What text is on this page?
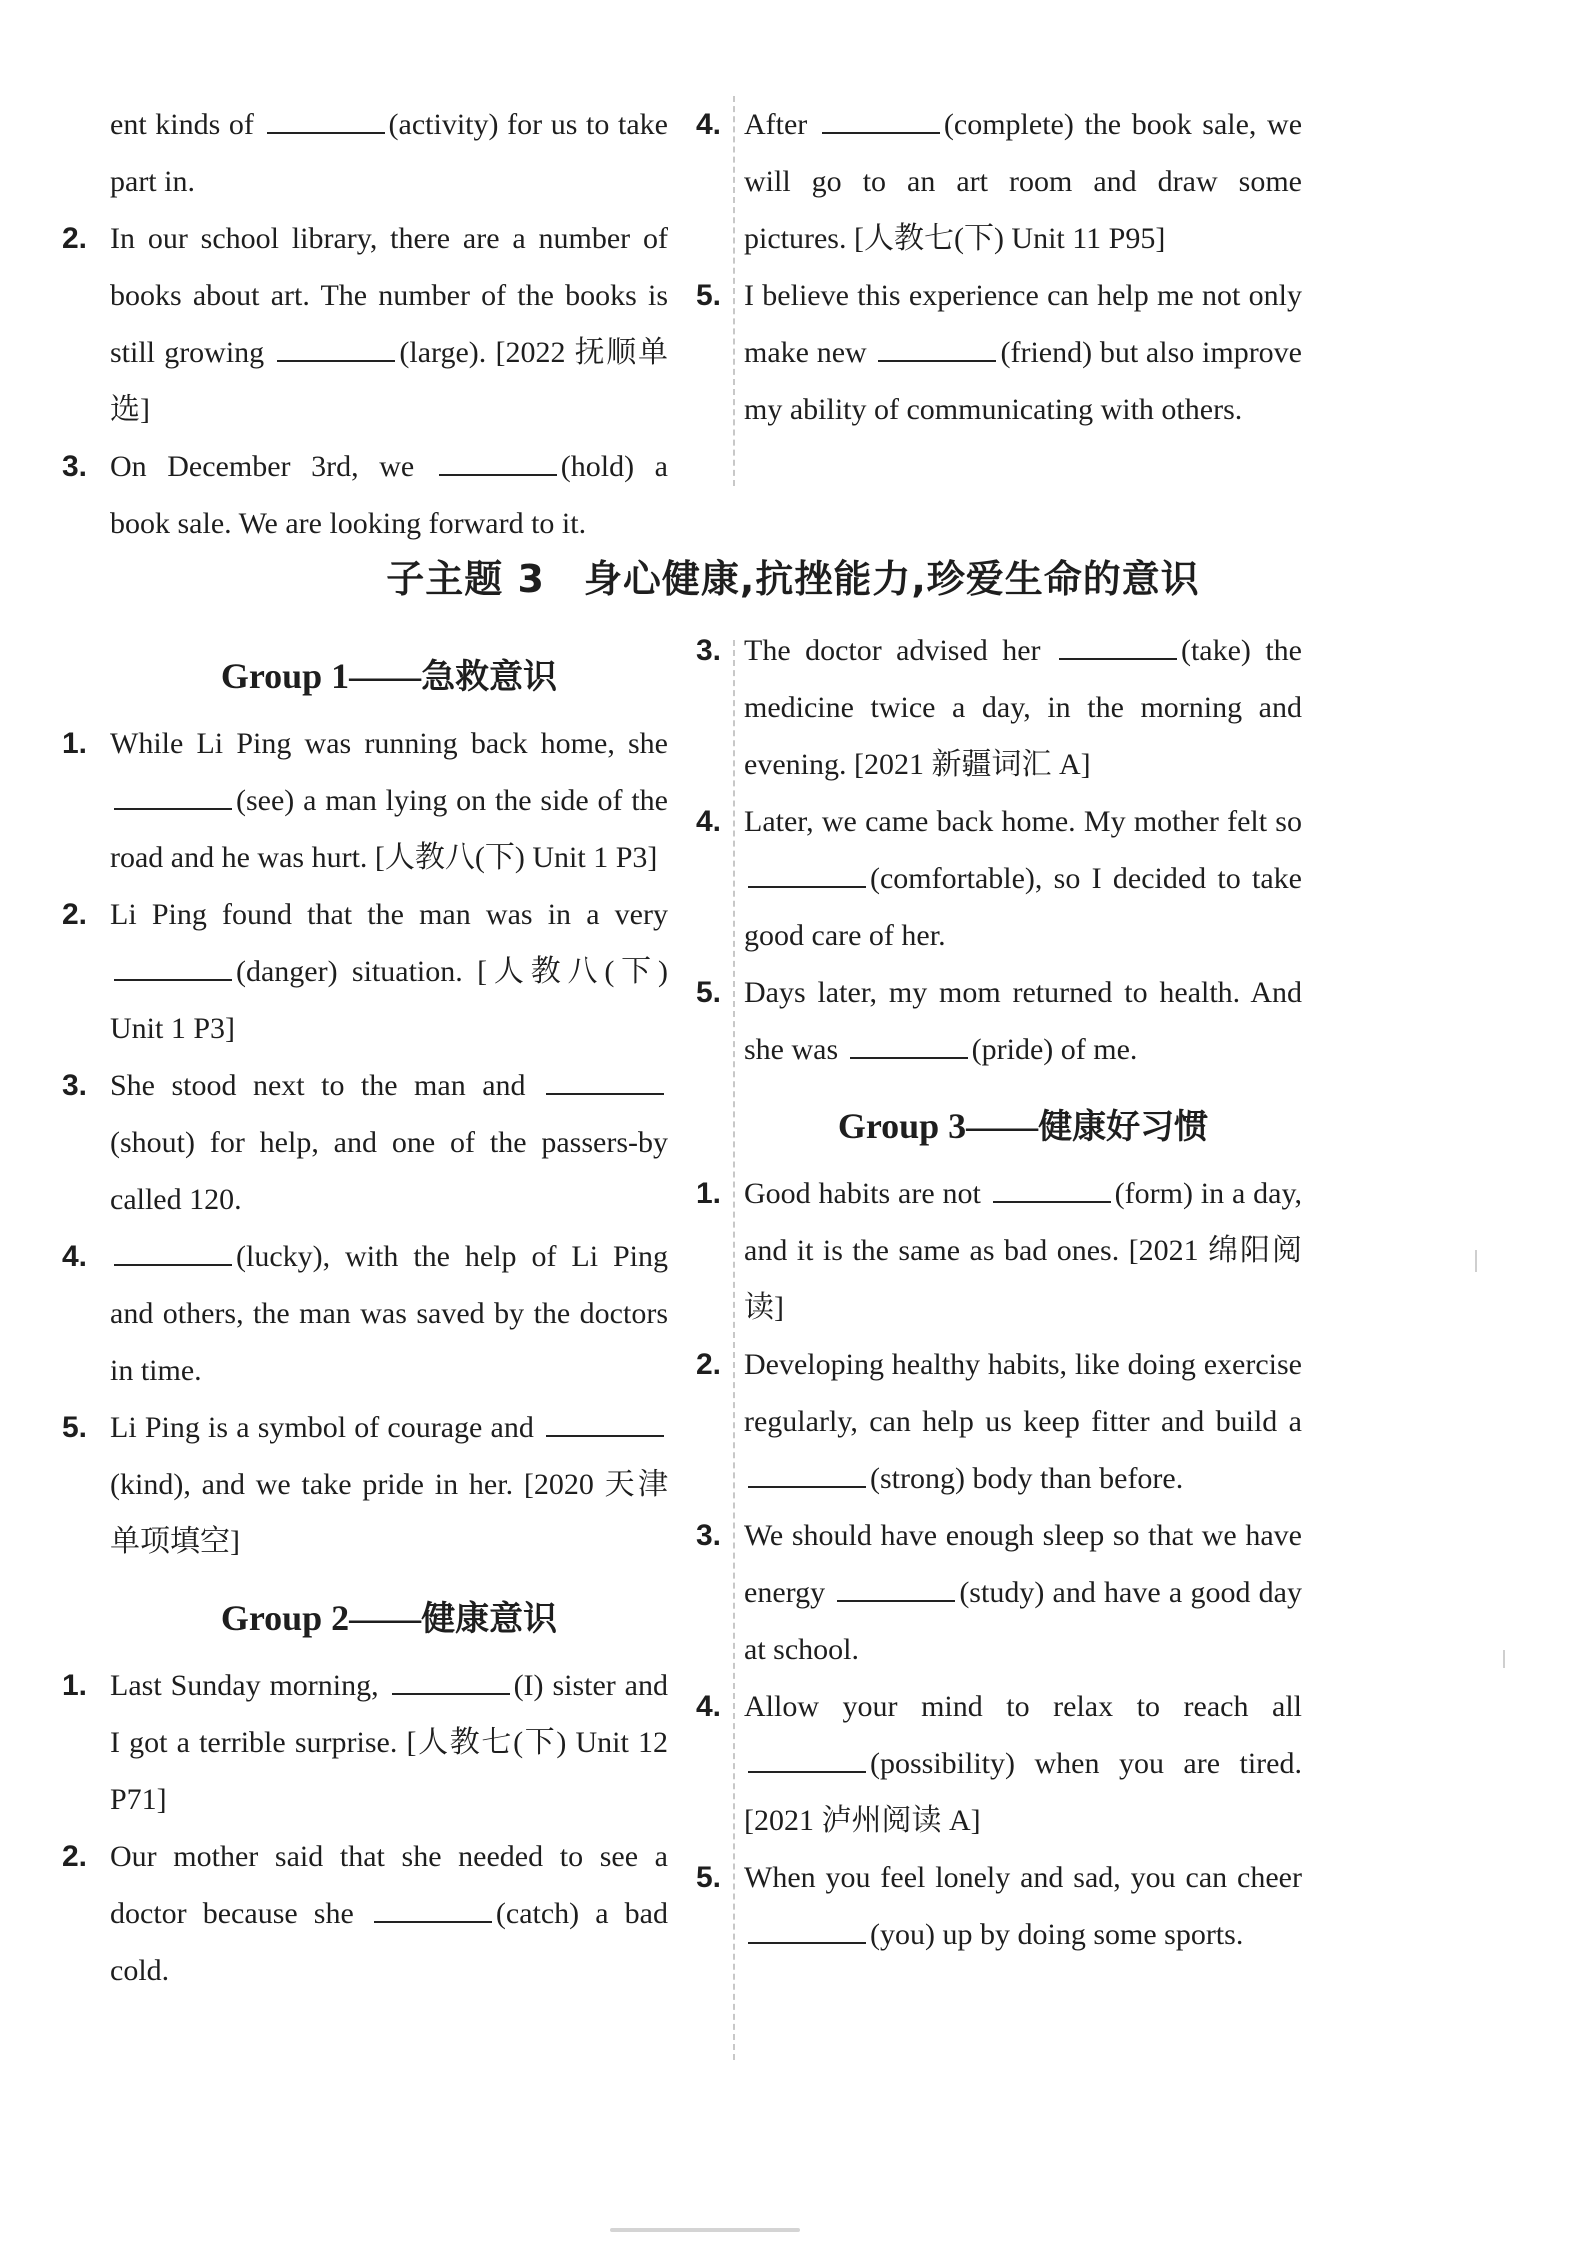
ent kinds of	(activity) for us to take part in.
2. In our school library, there are a number of books about art. The number of the books is still growing	(large). [2022 抚顺单选]
3. On December 3rd, we	(hold) a book sale. We are looking forward to it.
4. After	(complete) the book sale, we will go to an art room and draw some pictures. [人教七(下) Unit 11 P95]
5. I believe this experience can help me not only make new	(friend) but also improve my ability of communicating with others.
子主题 3　身心健康,抗挫能力,珍爱生命的意识
Group 1——急救意识
1. While Li Ping was running back home, she (see) a man lying on the side of the road and he was hurt. [人教八(下) Unit 1 P3]
2. Li Ping found that the man was in a very (danger) situation. [人教八(下) Unit 1 P3]
3. She stood next to the man and (shout) for help, and one of the passers-by called 120.
4.	(lucky), with the help of Li Ping and others, the man was saved by the doctors in time.
5. Li Ping is a symbol of courage and (kind), and we take pride in her. [2020 天津单项填空]
Group 2——健康意识
1. Last Sunday morning,	(I) sister and I got a terrible surprise. [人教七(下) Unit 12 P71]
2. Our mother said that she needed to see a doctor because she	(catch) a bad cold.
3. The doctor advised her	(take) the medicine twice a day, in the morning and evening. [2021 新疆词汇 A]
4. Later, we came back home. My mother felt so (comfortable), so I decided to take good care of her.
5. Days later, my mom returned to health. And she was	(pride) of me.
Group 3——健康好习惯
1. Good habits are not	(form) in a day, and it is the same as bad ones. [2021 绵阳阅读]
2. Developing healthy habits, like doing exercise regularly, can help us keep fitter and build a (strong) body than before.
3. We should have enough sleep so that we have energy	(study) and have a good day at school.
4. Allow your mind to relax to reach all (possibility) when you are tired. [2021 泸州阅读 A]
5. When you feel lonely and sad, you can cheer (you) up by doing some sports.
